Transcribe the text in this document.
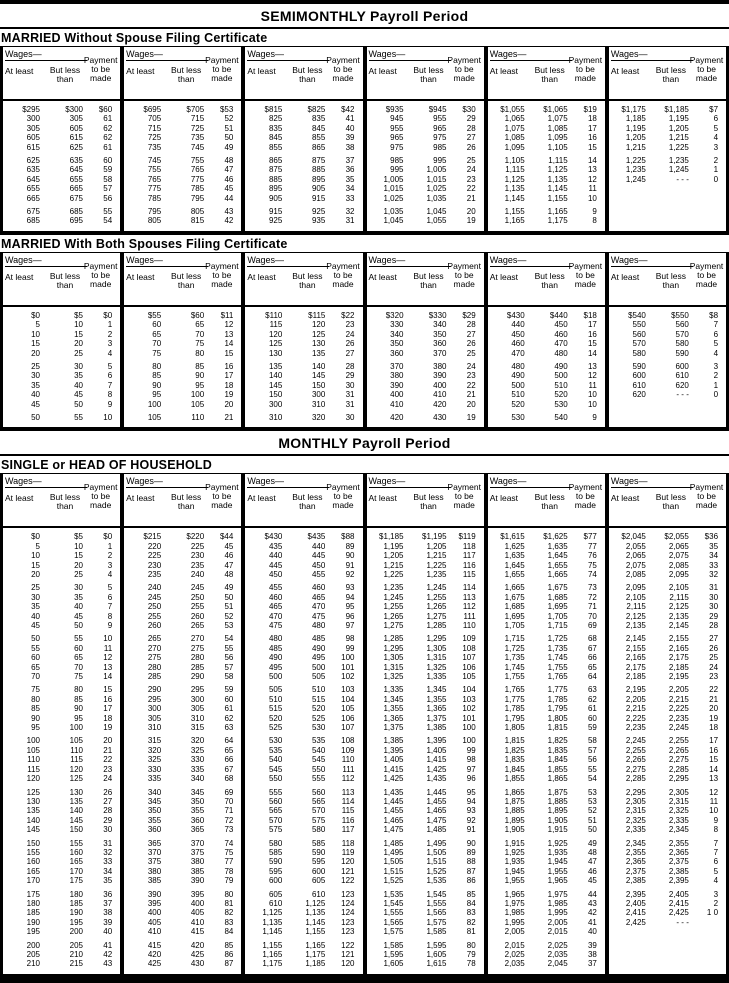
SEMIMONTHLY Payroll Period
MARRIED Without Spouse Filing Certificate
Wages—
At least	But less
than
Payment
to be
made
$295	$300	$60
300	305	61
305	605	62
605	615	62
615	625	61
625	635	60
635	645	59
645	655	58
655	665	57
665	675	56
675	685	55
685	695	54
Wages—
At least	But less
than
Payment
to be
made
$695	$705	$53
705	715	52
715	725	51
725	735	50
735	745	49
745	755	48
755	765	47
765	775	46
775	785	45
785	795	44
795	805	43
805	815	42
Wages—
At least	But less
than
Payment
to be
made
$815	$825	$42
825	835	41
835	845	40
845	855	39
855	865	38
865	875	37
875	885	36
885	895	35
895	905	34
905	915	33
915	925	32
925	935	31
Wages—
At least	But less
than
Payment
to be
made
$935	$945	$30
945	955	29
955	965	28
965	975	27
975	985	26
985	995	25
995	1,005	24
1,005	1,015	23
1,015	1,025	22
1,025	1,035	21
1,035	1,045	20
1,045	1,055	19
Wages—
At least	But less
than
Payment
to be
made
$1,055	$1,065	$19
1,065	1,075	18
1,075	1,085	17
1,085	1,095	16
1,095	1,105	15
1,105	1,115	14
1,115	1,125	13
1,125	1,135	12
1,135	1,145	11
1,145	1,155	10
1,155	1,165	9
1,165	1,175	8
Wages—
At least	But less
than
Payment
to be
made
$1,175	$1,185	$7
1,185	1,195	6
1,195	1,205	5
1,205	1,215	4
1,215	1,225	3
1,225	1,235	2
1,235	1,245	1
1,245	- - -	0
MARRIED With Both Spouses Filing Certificate
Wages—
At least	But less
than
Payment
to be
made
$0	$5	$0
5	10	1
10	15	2
15	20	3
20	25	4
25	30	5
30	35	6
35	40	7
40	45	8
45	50	9
50	55	10
Wages—
At least	But less
than
Payment
to be
made
$55	$60	$11
60	65	12
65	70	13
70	75	14
75	80	15
80	85	16
85	90	17
90	95	18
95	100	19
100	105	20
105	110	21
Wages—
At least	But less
than
Payment
to be
made
$110	$115	$22
115	120	23
120	125	24
125	130	26
130	135	27
135	140	28
140	145	29
145	150	30
150	300	31
300	310	31
310	320	30
Wages—
At least	But less
than
Payment
to be
made
$320	$330	$29
330	340	28
340	350	27
350	360	26
360	370	25
370	380	24
380	390	23
390	400	22
400	410	21
410	420	20
420	430	19
Wages—
At least	But less
than
Payment
to be
made
$430	$440	$18
440	450	17
450	460	16
460	470	15
470	480	14
480	490	13
490	500	12
500	510	11
510	520	10
520	530	10
530	540	9
Wages—
At least	But less
than
Payment
to be
made
$540	$550	$8
550	560	7
560	570	6
570	580	5
580	590	4
590	600	3
600	610	2
610	620	1
620	- - -	0
MONTHLY Payroll Period
SINGLE or HEAD OF HOUSEHOLD
Wages—
At least	But less
than
Payment
to be
made
$0	$5	$0
5	10	1
10	15	2
15	20	3
20	25	4
25	30	5
30	35	6
35	40	7
40	45	8
45	50	9
50	55	10
55	60	11
60	65	12
65	70	13
70	75	14
75	80	15
80	85	16
85	90	17
90	95	18
95	100	19
100	105	20
105	110	21
110	115	22
115	120	23
120	125	24
125	130	26
130	135	27
135	140	28
140	145	29
145	150	30
150	155	31
155	160	32
160	165	33
165	170	34
170	175	35
175	180	36
180	185	37
185	190	38
190	195	39
195	200	40
200	205	41
205	210	42
210	215	43
Wages—
At least	But less
than
Payment
to be
made
$215	$220	$44
220	225	45
225	230	46
230	235	47
235	240	48
240	245	49
245	250	50
250	255	51
255	260	52
260	265	53
265	270	54
270	275	55
275	280	56
280	285	57
285	290	58
290	295	59
295	300	60
300	305	61
305	310	62
310	315	63
315	320	64
320	325	65
325	330	66
330	335	67
335	340	68
340	345	69
345	350	70
350	355	71
355	360	72
360	365	73
365	370	74
370	375	75
375	380	77
380	385	78
385	390	79
390	395	80
395	400	81
400	405	82
405	410	83
410	415	84
415	420	85
420	425	86
425	430	87
Wages—
At least	But less
than
Payment
to be
made
$430	$435	$88
435	440	89
440	445	90
445	450	91
450	455	92
455	460	93
460	465	94
465	470	95
470	475	96
475	480	97
480	485	98
485	490	99
490	495	100
495	500	101
500	505	102
505	510	103
510	515	104
515	520	105
520	525	106
525	530	107
530	535	108
535	540	109
540	545	110
545	550	111
550	555	112
555	560	113
560	565	114
565	570	115
570	575	116
575	580	117
580	585	118
585	590	119
590	595	120
595	600	121
600	605	122
605	610	123
610	1,125	124
1,125	1,135	124
1,135	1,145	123
1,145	1,155	123
1,155	1,165	122
1,165	1,175	121
1,175	1,185	120
Wages—
At least	But less
than
Payment
to be
made
$1,185	$1,195	$119
1,195	1,205	118
1,205	1,215	117
1,215	1,225	116
1,225	1,235	115
1,235	1,245	114
1,245	1,255	113
1,255	1,265	112
1,265	1,275	111
1,275	1,285	110
1,285	1,295	109
1,295	1,305	108
1,305	1,315	107
1,315	1,325	106
1,325	1,335	105
1,335	1,345	104
1,345	1,355	103
1,355	1,365	102
1,365	1,375	101
1,375	1,385	100
1,385	1,395	100
1,395	1,405	99
1,405	1,415	98
1,415	1,425	97
1,425	1,435	96
1,435	1,445	95
1,445	1,455	94
1,455	1,465	93
1,465	1,475	92
1,475	1,485	91
1,485	1,495	90
1,495	1,505	89
1,505	1,515	88
1,515	1,525	87
1,525	1,535	86
1,535	1,545	85
1,545	1,555	84
1,555	1,565	83
1,565	1,575	82
1,575	1,585	81
1,585	1,595	80
1,595	1,605	79
1,605	1,615	78
Wages—
At least	But less
than
Payment
to be
made
$1,615	$1,625	$77
1,625	1,635	77
1,635	1,645	76
1,645	1,655	75
1,655	1,665	74
1,665	1,675	73
1,675	1,685	72
1,685	1,695	71
1,695	1,705	70
1,705	1,715	69
1,715	1,725	68
1,725	1,735	67
1,735	1,745	66
1,745	1,755	65
1,755	1,765	64
1,765	1,775	63
1,775	1,785	62
1,785	1,795	61
1,795	1,805	60
1,805	1,815	59
1,815	1,825	58
1,825	1,835	57
1,835	1,845	56
1,845	1,855	55
1,855	1,865	54
1,865	1,875	53
1,875	1,885	53
1,885	1,895	52
1,895	1,905	51
1,905	1,915	50
1,915	1,925	49
1,925	1,935	48
1,935	1,945	47
1,945	1,955	46
1,955	1,965	45
1,965	1,975	44
1,975	1,985	43
1,985	1,995	42
1,995	2,005	41
2,005	2,015	40
2,015	2,025	39
2,025	2,035	38
2,035	2,045	37
Wages—
At least	But less
than
Payment
to be
made
$2,045	$2,055	$36
2,055	2,065	35
2,065	2,075	34
2,075	2,085	33
2,085	2,095	32
2,095	2,105	31
2,105	2,115	30
2,115	2,125	30
2,125	2,135	29
2,135	2,145	28
2,145	2,155	27
2,155	2,165	26
2,165	2,175	25
2,175	2,185	24
2,185	2,195	23
2,195	2,205	22
2,205	2,215	21
2,215	2,225	20
2,225	2,235	19
2,235	2,245	18
2,245	2,255	17
2,255	2,265	16
2,265	2,275	15
2,275	2,285	14
2,285	2,295	13
2,295	2,305	12
2,305	2,315	11
2,315	2,325	10
2,325	2,335	9
2,335	2,345	8
2,345	2,355	7
2,355	2,365	7
2,365	2,375	6
2,375	2,385	5
2,385	2,395	4
2,395	2,405	3
2,405	2,415	2
2,415	2,425	1 0
2,425	- - -
